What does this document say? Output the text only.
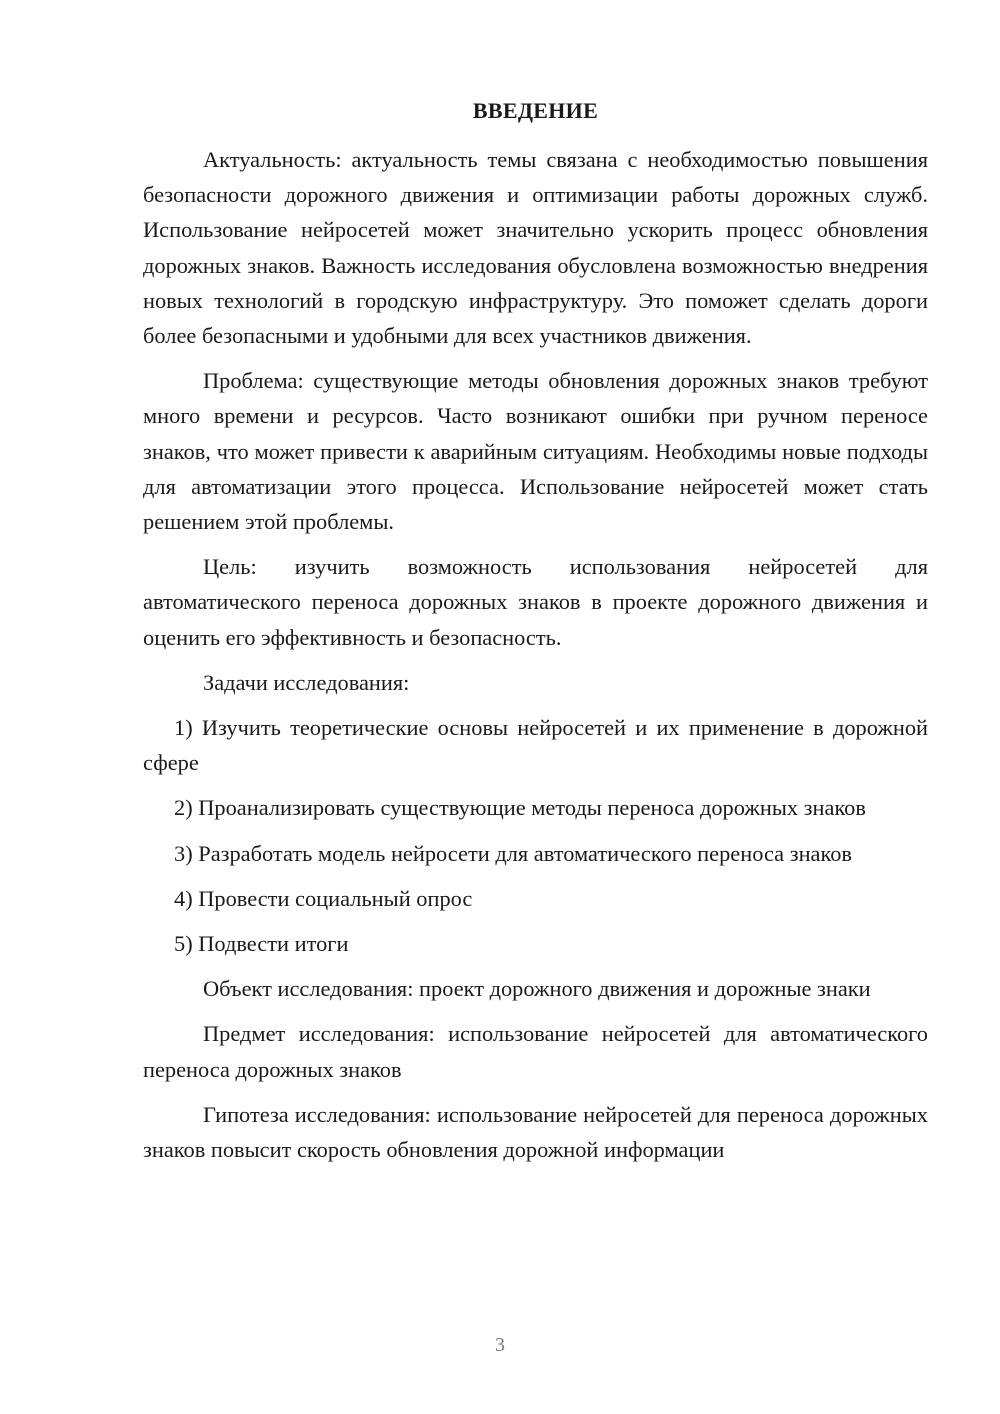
ВВЕДЕНИЕ

Актуальность: актуальность темы связана с необходимостью повышения безопасности дорожного движения и оптимизации работы дорожных служб. Использование нейросетей может значительно ускорить процесс обновления дорожных знаков. Важность исследования обусловлена возможностью внедрения новых технологий в городскую инфраструктуру. Это поможет сделать дороги более безопасными и удобными для всех участников движения.

Проблема: существующие методы обновления дорожных знаков требуют много времени и ресурсов. Часто возникают ошибки при ручном переносе знаков, что может привести к аварийным ситуациям. Необходимы новые подходы для автоматизации этого процесса. Использование нейросетей может стать решением этой проблемы.

Цель: изучить возможность использования нейросетей для автоматического переноса дорожных знаков в проекте дорожного движения и оценить его эффективность и безопасность.

Задачи исследования:

1) Изучить теоретические основы нейросетей и их применение в дорожной сфере

2) Проанализировать существующие методы переноса дорожных знаков

3) Разработать модель нейросети для автоматического переноса знаков

4) Провести социальный опрос

5) Подвести итоги

Объект исследования: проект дорожного движения и дорожные знаки

Предмет исследования: использование нейросетей для автоматического переноса дорожных знаков

Гипотеза исследования: использование нейросетей для переноса дорожных знаков повысит скорость обновления дорожной информации

3
